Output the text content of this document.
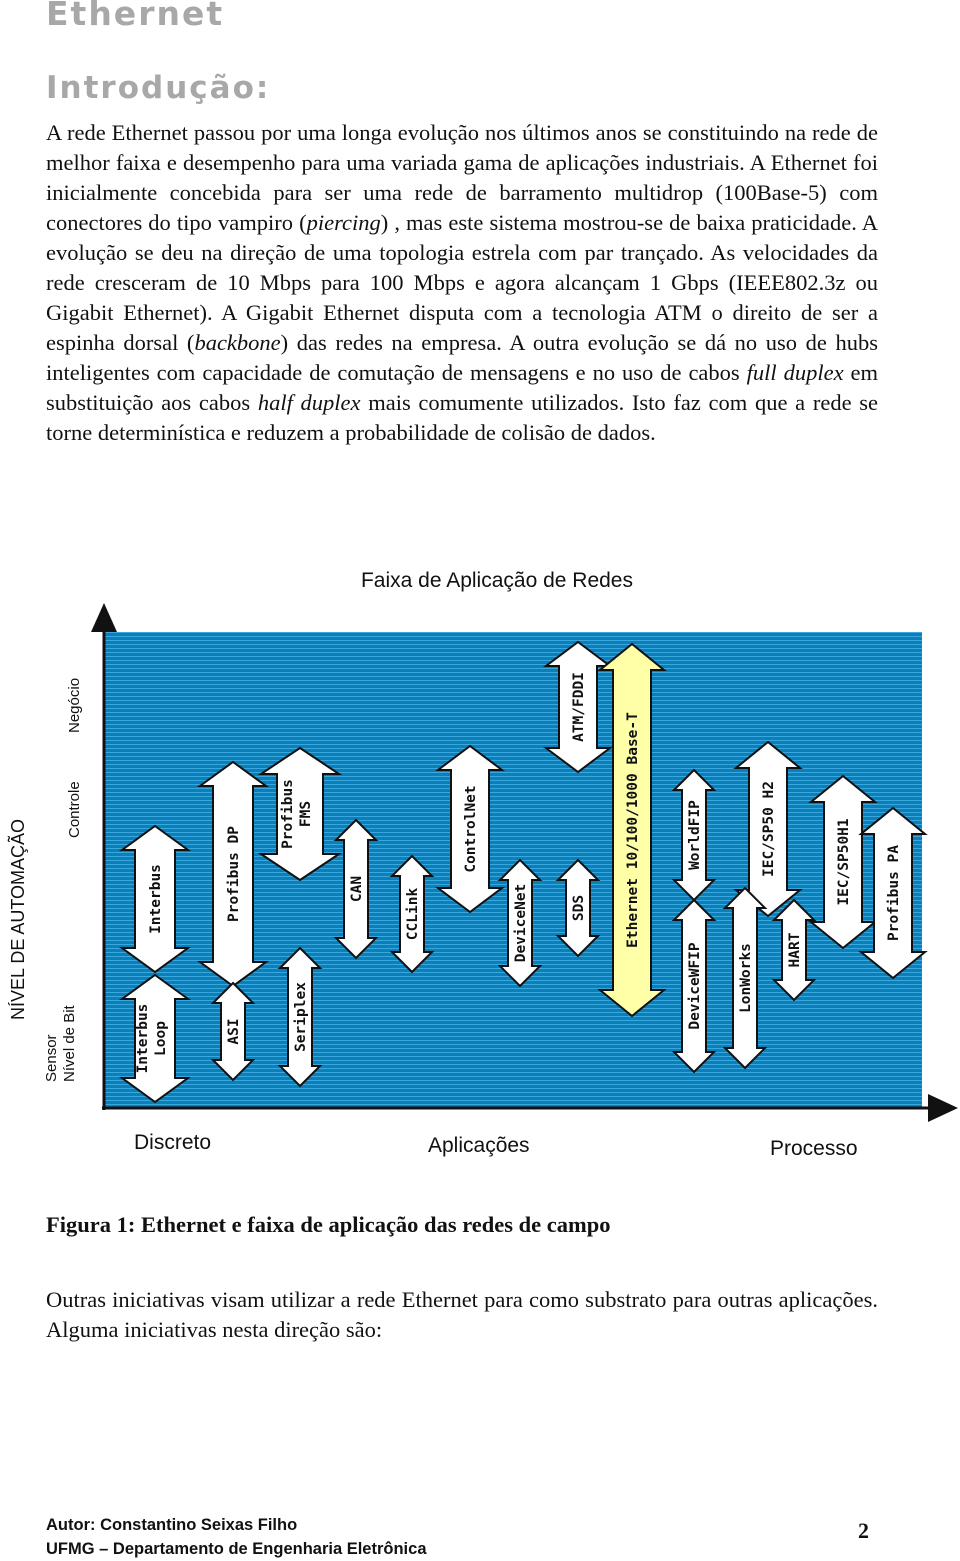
Ethernet
Introdução:

A rede Ethernet passou por uma longa evolução nos últimos anos se constituindo na rede de melhor faixa e desempenho para uma variada gama de aplicações industriais. A Ethernet foi inicialmente concebida para ser uma rede de barramento multidrop (100Base-5) com conectores do tipo vampiro (piercing) , mas este sistema mostrou-se de baixa praticidade. A evolução se deu na direção de uma topologia estrela com par trançado. As velocidades da rede cresceram de 10 Mbps para 100 Mbps e agora alcançam 1 Gbps (IEEE802.3z ou Gigabit Ethernet). A Gigabit Ethernet disputa com a tecnologia ATM o direito de ser a espinha dorsal (backbone) das redes na empresa. A outra evolução se dá no uso de hubs inteligentes com capacidade de comutação de mensagens e no uso de cabos full duplex em substituição aos cabos half duplex mais comumente utilizados. Isto faz com que a rede se torne determinística e reduzem a probabilidade de colisão de dados.

Faixa de Aplicação de Redes
NÍVEL DE AUTOMAÇÃO
Negócio
Controle
Nível de Bit
Sensor
Discreto	Aplicações	Processo
Interbus
Interbus Loop
Profibus DP
ASI
Profibus FMS
Seriplex
CAN	CCLink
ControlNet
DeviceNet
ATM/FDDI
SDS	Ethernet 10/100/1000 Base-T	WorldFIP
DeviceWFIP
IEC/SP50 H2
LonWorks HART
IEC/SP50H1 Profibus PA

Figura 1: Ethernet e faixa de aplicação das redes de campo

Outras iniciativas visam utilizar a rede Ethernet para como substrato para outras aplicações. Alguma iniciativas nesta direção são:

Autor: Constantino Seixas Filho
UFMG – Departamento de Engenharia Eletrônica
2
